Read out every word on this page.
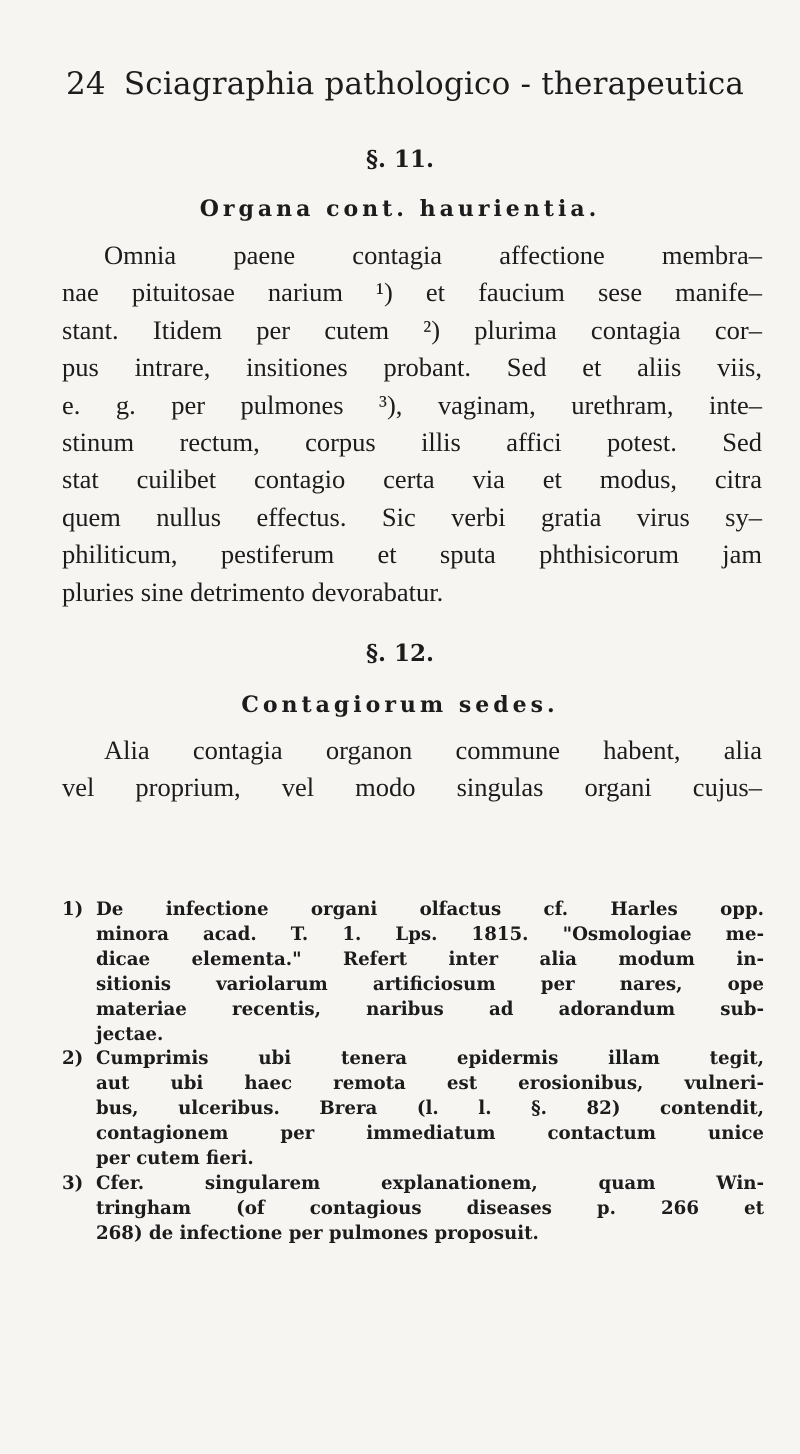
24 Sciagraphia pathologico - therapeutica
§. 11.
Organa cont. haurientia.
Omnia paene contagia affectione membra–
nae pituitosae narium ¹) et faucium sese manife–
stant. Itidem per cutem ²) plurima contagia cor–
pus intrare, insitiones probant. Sed et aliis viis,
e. g. per pulmones ³), vaginam, urethram, inte–
stinum rectum, corpus illis affici potest. Sed
stat cuilibet contagio certa via et modus, citra
quem nullus effectus. Sic verbi gratia virus sy–
philiticum, pestiferum et sputa phthisicorum jam
pluries sine detrimento devorabatur.
§. 12.
Contagiorum sedes.
Alia contagia organon commune habent, alia
vel proprium, vel modo singulas organi cujus–
1) De infectione organi olfactus cf. Harles opp.
minora acad. T. 1. Lps. 1815. "Osmologiae me-
dicae elementa." Refert inter alia modum in-
sitionis variolarum artificiosum per nares, ope
materiae recentis, naribus ad adorandum sub-
jectae.
2) Cumprimis ubi tenera epidermis illam tegit,
aut ubi haec remota est erosionibus, vulneri-
bus, ulceribus. Brera (l. l. §. 82) contendit,
contagionem per immediatum contactum unice
per cutem fieri.
3) Cfer. singularem explanationem, quam Win-
tringham (of contagious diseases p. 266 et
268) de infectione per pulmones proposuit.
